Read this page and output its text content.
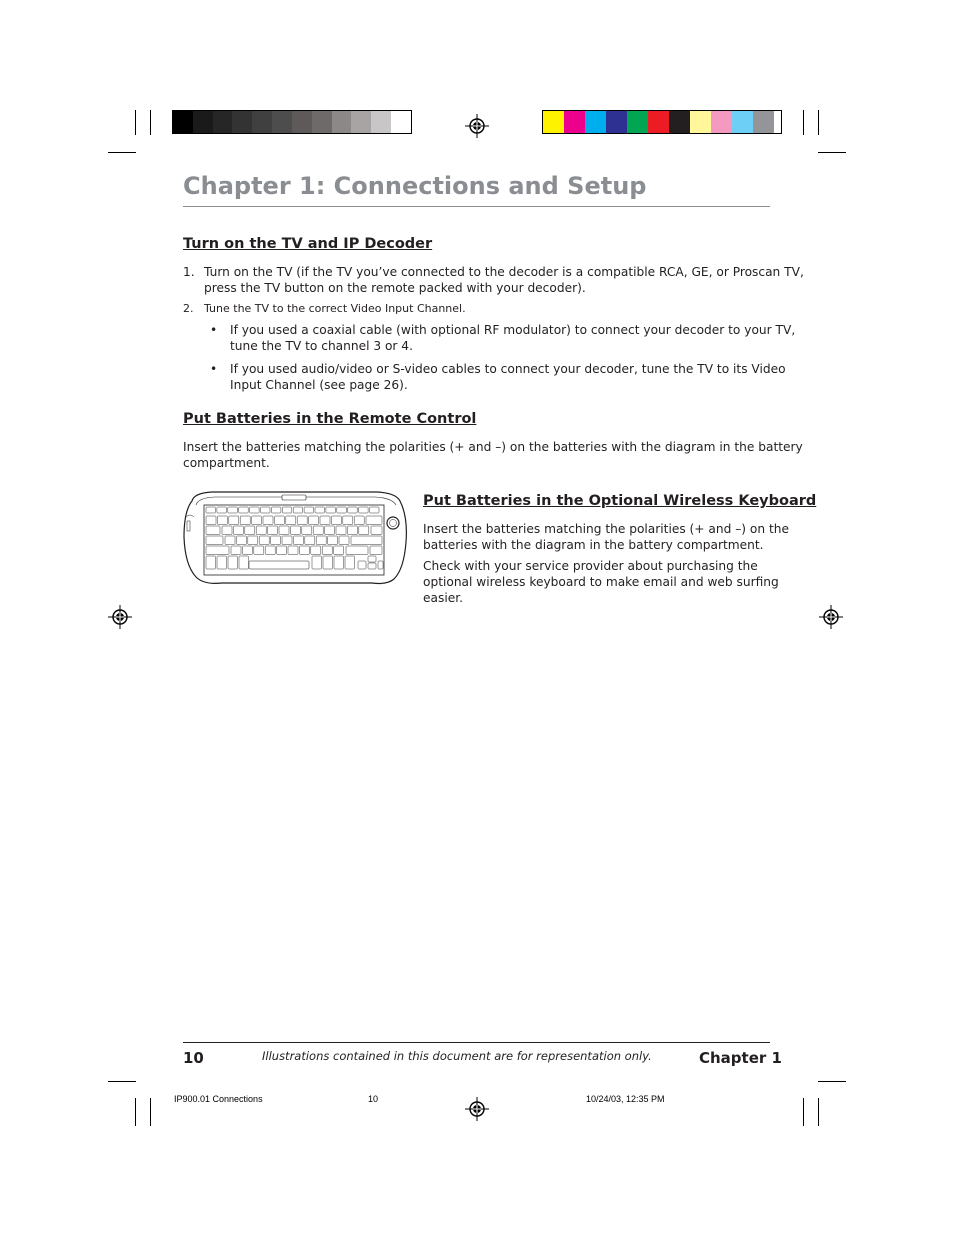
Chapter 1: Connections and Setup
Turn on the TV and IP Decoder
1. Turn on the TV (if the TV you’ve connected to the decoder is a compatible RCA, GE, or Proscan TV,
press the TV button on the remote packed with your decoder).
2. Tune the TV to the correct Video Input Channel.
• If you used a coaxial cable (with optional RF modulator) to connect your decoder to your TV,
tune the TV to channel 3 or 4.
• If you used audio/video or S-video cables to connect your decoder, tune the TV to its Video
Input Channel (see page 26).
Put Batteries in the Remote Control
Insert the batteries matching the polarities (+ and –) on the batteries with the diagram in the battery
compartment.
Put Batteries in the Optional Wireless Keyboard
Insert the batteries matching the polarities (+ and –) on the
batteries with the diagram in the battery compartment.
Check with your service provider about purchasing the
optional wireless keyboard to make email and web surfing
easier.
10	Illustrations contained in this document are for representation only.	Chapter 1
IP900.01 Connections	10	10/24/03, 12:35 PM
